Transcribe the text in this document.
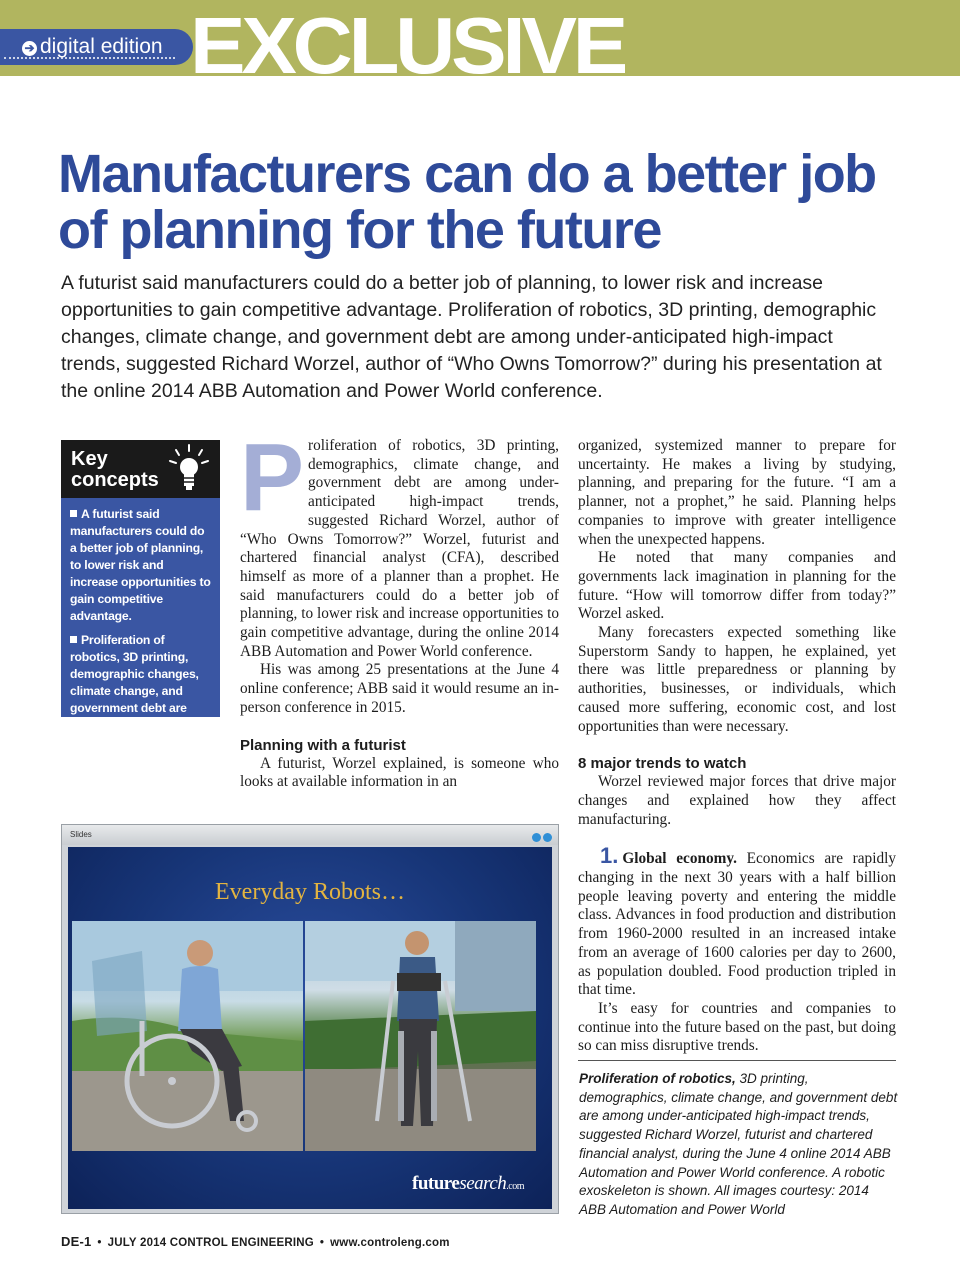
➔ digital edition EXCLUSIVE
Manufacturers can do a better job of planning for the future

A futurist said manufacturers could do a better job of planning, to lower risk and increase opportunities to gain competitive advantage. Proliferation of robotics, 3D printing, demographic changes, climate change, and government debt are among under-anticipated high-impact trends, suggested Richard Worzel, author of “Who Owns Tomorrow?” during his presentation at the online 2014 ABB Automation and Power World conference.

Key
concepts
A futurist said manufacturers could do a better job of planning, to lower risk and increase opportunities to gain competitive advantage.
Proliferation of robotics, 3D printing, demographic changes, climate change, and government debt are among under-anticipated high-impact trends.
P roliferation of robotics, 3D printing, demographics, climate change, and government debt are among under-anticipated high-impact trends, suggested Richard Worzel, author of “Who Owns Tomorrow?” Worzel, futurist and chartered financial analyst (CFA), described himself as more of a planner than a prophet. He said manufacturers could do a better job of planning, to lower risk and increase opportunities to gain competitive advantage, during the online 2014 ABB Automation and Power World conference.

His was among 25 presentations at the June 4 online conference; ABB said it would resume an in-person conference in 2015.

Planning with a futurist

A futurist, Worzel explained, is someone who looks at available information in an

organized, systemized manner to prepare for uncertainty. He makes a living by studying, planning, and preparing for the future. “I am a planner, not a prophet,” he said. Planning helps companies to improve with greater intelligence when the unexpected happens.

He noted that many companies and governments lack imagination in planning for the future. “How will tomorrow differ from today?” Worzel asked.

Many forecasters expected something like Superstorm Sandy to happen, he explained, yet there was little preparedness or planning by authorities, businesses, or individuals, which caused more suffering, economic cost, and lost opportunities than were necessary.

8 major trends to watch

Worzel reviewed major forces that drive major changes and explained how they affect manufacturing.

1. Global economy. Economics are rapidly changing in the next 30 years with a half billion people leaving poverty and entering the middle class. Advances in food production and distribution from 1960-2000 resulted in an increased intake from an average of 1600 calories per day to 2600, as population doubled. Food production tripled in that time.

It’s easy for countries and companies to continue into the future based on the past, but doing so can miss disruptive trends.

Slides
Everyday Robots…
futuresearch.com

Proliferation of robotics, 3D printing, demographics, climate change, and government debt are among under-anticipated high-impact trends, suggested Richard Worzel, futurist and chartered financial analyst, during the June 4 online 2014 ABB Automation and Power World conference. A robotic exoskeleton is shown. All images courtesy: 2014 ABB Automation and Power World

DE-1 • JULY 2014 CONTROL ENGINEERING • www.controleng.com
